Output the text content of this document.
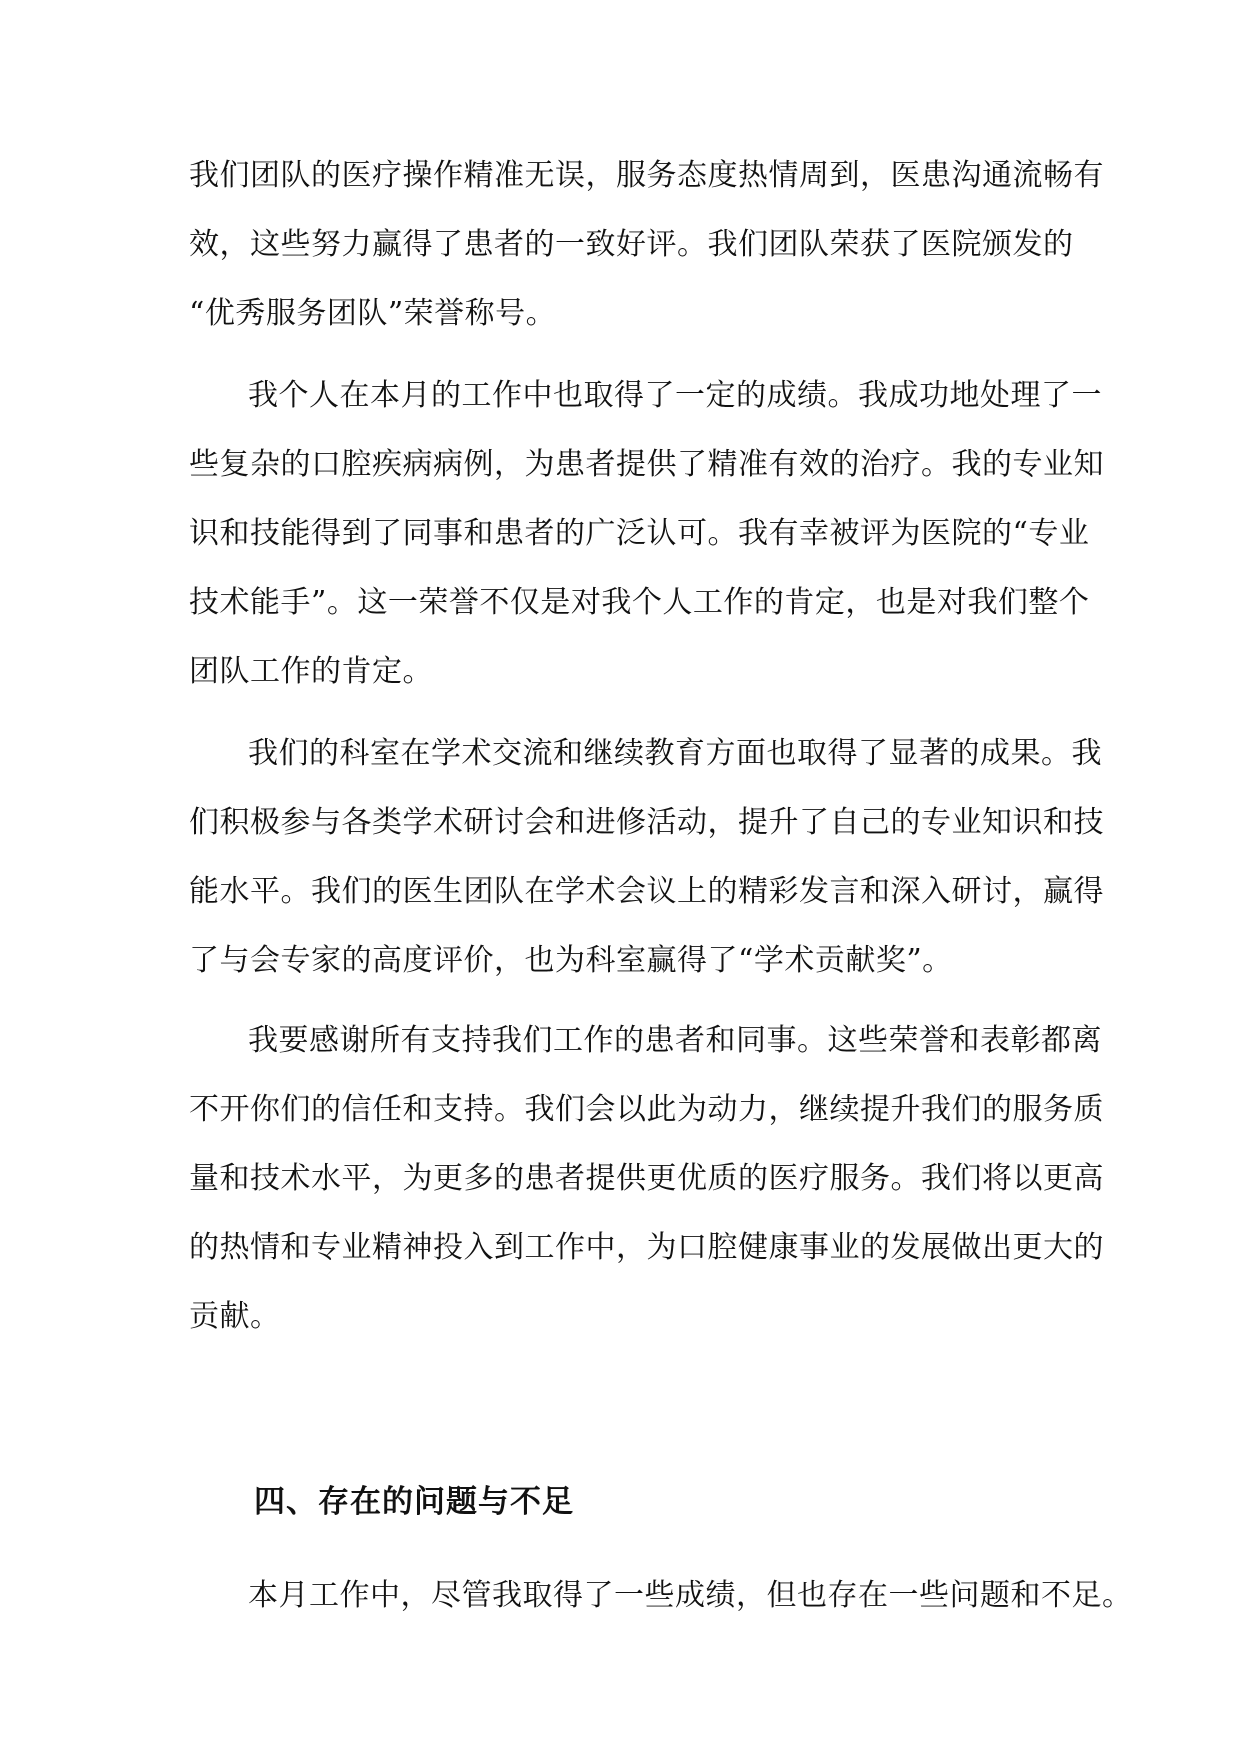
我们团队的医疗操作精准无误，服务态度热情周到，医患沟通流畅有
效，这些努力赢得了患者的一致好评。我们团队荣获了医院颁发的
“优秀服务团队”荣誉称号。
我个人在本月的工作中也取得了一定的成绩。我成功地处理了一
些复杂的口腔疾病病例，为患者提供了精准有效的治疗。我的专业知
识和技能得到了同事和患者的广泛认可。我有幸被评为医院的“专业
技术能手”。这一荣誉不仅是对我个人工作的肯定，也是对我们整个
团队工作的肯定。
我们的科室在学术交流和继续教育方面也取得了显著的成果。我
们积极参与各类学术研讨会和进修活动，提升了自己的专业知识和技
能水平。我们的医生团队在学术会议上的精彩发言和深入研讨，赢得
了与会专家的高度评价，也为科室赢得了“学术贡献奖”。
我要感谢所有支持我们工作的患者和同事。这些荣誉和表彰都离
不开你们的信任和支持。我们会以此为动力，继续提升我们的服务质
量和技术水平，为更多的患者提供更优质的医疗服务。我们将以更高
的热情和专业精神投入到工作中，为口腔健康事业的发展做出更大的
贡献。
四、存在的问题与不足
本月工作中，尽管我取得了一些成绩，但也存在一些问题和不足。
